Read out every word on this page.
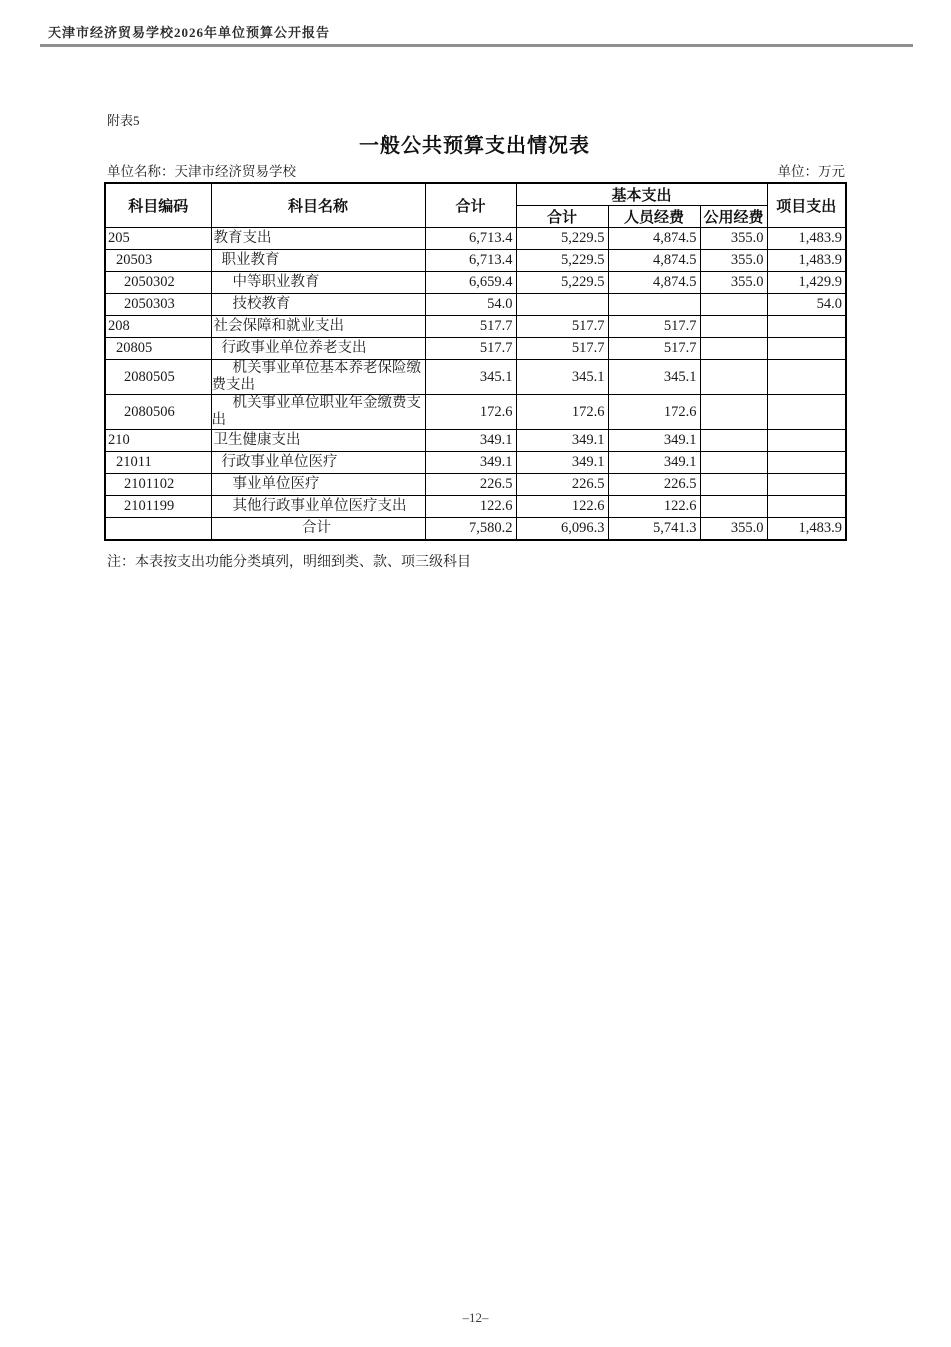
天津市经济贸易学校2026年单位预算公开报告
附表5
一般公共预算支出情况表
单位名称：天津市经济贸易学校	单位：万元
科目编码	科目名称	合计	基本支出			项目支出
			合计	人员经费	公用经费	
205	教育支出	6,713.4	5,229.5	4,874.5	355.0	1,483.9
20503	职业教育	6,713.4	5,229.5	4,874.5	355.0	1,483.9
2050302	中等职业教育	6,659.4	5,229.5	4,874.5	355.0	1,429.9
2050303	技校教育	54.0				54.0
208	社会保障和就业支出	517.7	517.7	517.7		
20805	行政事业单位养老支出	517.7	517.7	517.7		
2080505	机关事业单位基本养老保险缴费支出	345.1	345.1	345.1		
2080506	机关事业单位职业年金缴费支出	172.6	172.6	172.6		
210	卫生健康支出	349.1	349.1	349.1		
21011	行政事业单位医疗	349.1	349.1	349.1		
2101102	事业单位医疗	226.5	226.5	226.5		
2101199	其他行政事业单位医疗支出	122.6	122.6	122.6		
	合计	7,580.2	6,096.3	5,741.3	355.0	1,483.9
注：本表按支出功能分类填列，明细到类、款、项三级科目
–12–
